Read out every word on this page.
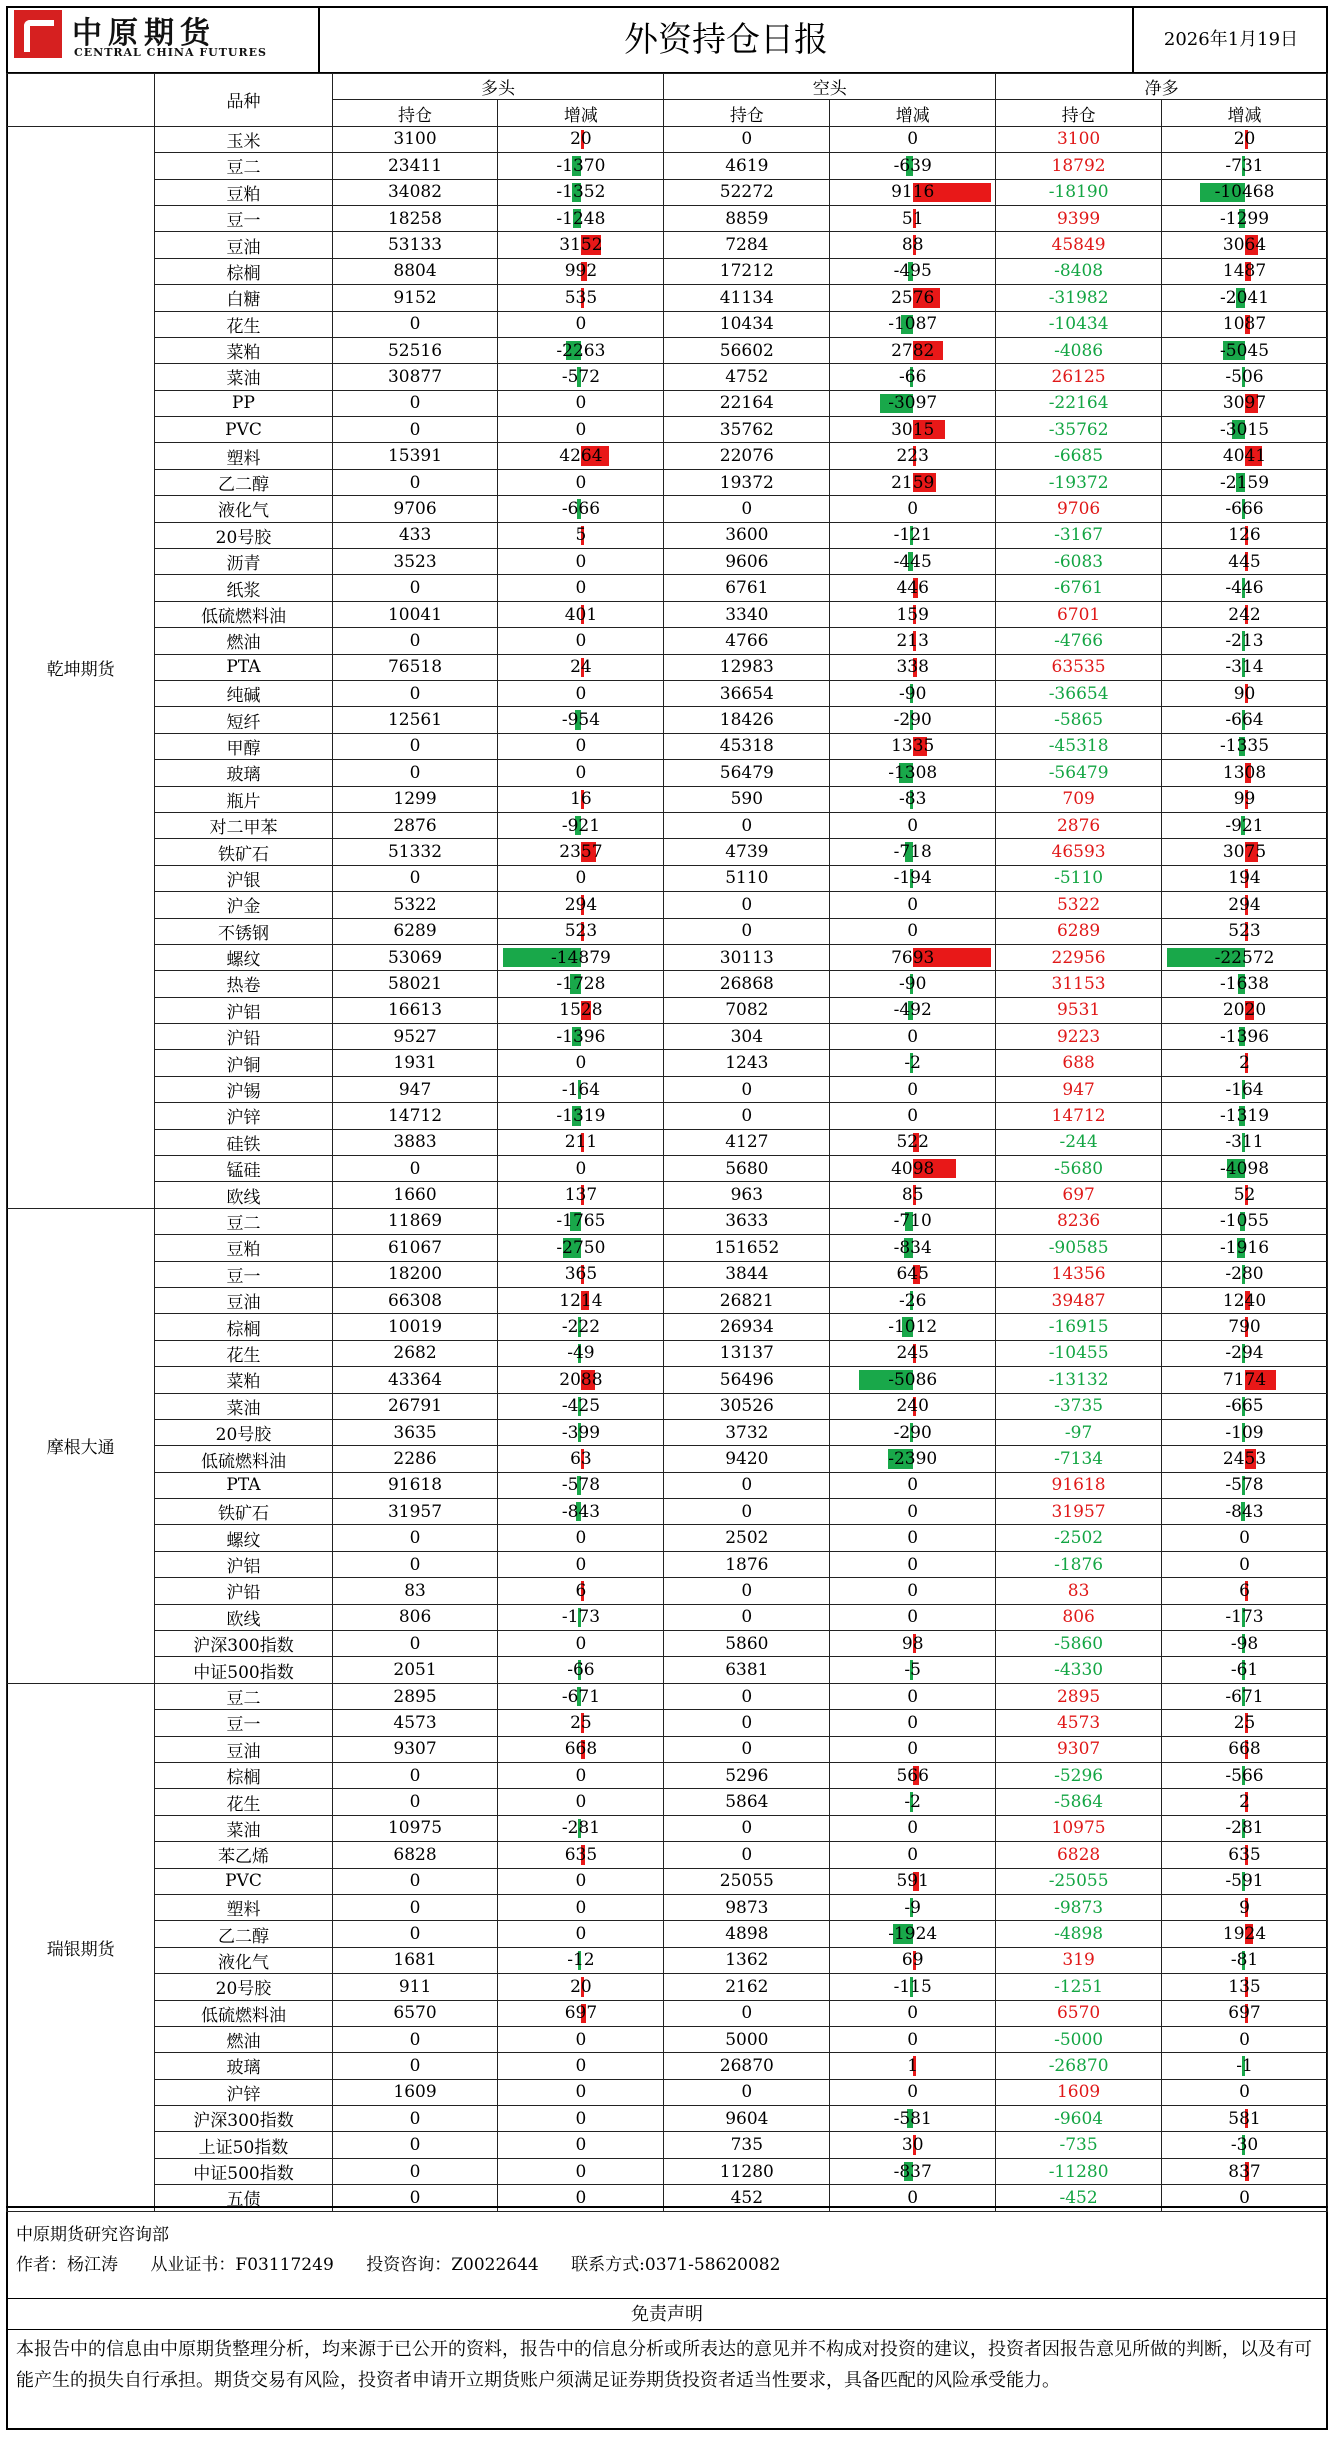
中原期货
CENTRAL CHINA FUTURES	外资持仓日报	2026年1月19日
	品种	多头		空头		净多	
		持仓	增减	持仓	增减	持仓	增减
乾坤期货	玉米	3100	20	0	0	3100	20
	豆二	23411	-1370	4619	-639	18792	-731
	豆粕	34082	-1352	52272	9116	-18190	-10468
	豆一	18258	-1248	8859	51	9399	-1299
	豆油	53133	3152	7284	88	45849	3064
	棕榈	8804	992	17212	-495	-8408	1487
	白糖	9152	535	41134	2576	-31982	-2041
	花生	0	0	10434	-1087	-10434	1087
	菜粕	52516	-2263	56602	2782	-4086	-5045
	菜油	30877	-572	4752	-66	26125	-506
	PP	0	0	22164	-3097	-22164	3097
	PVC	0	0	35762	3015	-35762	-3015
	塑料	15391	4264	22076	223	-6685	4041
	乙二醇	0	0	19372	2159	-19372	-2159
	液化气	9706	-666	0	0	9706	-666
	20号胶	433	5	3600	-121	-3167	126
	沥青	3523	0	9606	-445	-6083	445
	纸浆	0	0	6761	446	-6761	-446
	低硫燃料油	10041	401	3340	159	6701	242
	燃油	0	0	4766	213	-4766	-213
	PTA	76518	24	12983	338	63535	-314
	纯碱	0	0	36654	-90	-36654	90
	短纤	12561	-954	18426	-290	-5865	-664
	甲醇	0	0	45318	1335	-45318	-1335
	玻璃	0	0	56479	-1308	-56479	1308
	瓶片	1299	16	590	-83	709	99
	对二甲苯	2876	-921	0	0	2876	-921
	铁矿石	51332	2357	4739	-718	46593	3075
	沪银	0	0	5110	-194	-5110	194
	沪金	5322	294	0	0	5322	294
	不锈钢	6289	523	0	0	6289	523
	螺纹	53069	-14879	30113	7693	22956	-22572
	热卷	58021	-1728	26868	-90	31153	-1638
	沪铝	16613	1528	7082	-492	9531	2020
	沪铅	9527	-1396	304	0	9223	-1396
	沪铜	1931	0	1243	-2	688	2
	沪锡	947	-164	0	0	947	-164
	沪锌	14712	-1319	0	0	14712	-1319
	硅铁	3883	211	4127	522	-244	-311
	锰硅	0	0	5680	4098	-5680	-4098
	欧线	1660	137	963	85	697	52
摩根大通	豆二	11869	-1765	3633	-710	8236	-1055
	豆粕	61067	-2750	151652	-834	-90585	-1916
	豆一	18200	365	3844	645	14356	-280
	豆油	66308	1214	26821	-26	39487	1240
	棕榈	10019	-222	26934	-1012	-16915	790
	花生	2682	-49	13137	245	-10455	-294
	菜粕	43364	2088	56496	-5086	-13132	7174
	菜油	26791	-425	30526	240	-3735	-665
	20号胶	3635	-399	3732	-290	-97	-109
	低硫燃料油	2286	63	9420	-2390	-7134	2453
	PTA	91618	-578	0	0	91618	-578
	铁矿石	31957	-843	0	0	31957	-843
	螺纹	0	0	2502	0	-2502	0
	沪铝	0	0	1876	0	-1876	0
	沪铅	83	6	0	0	83	6
	欧线	806	-173	0	0	806	-173
	沪深300指数	0	0	5860	98	-5860	-98
	中证500指数	2051	-66	6381	-5	-4330	-61
瑞银期货	豆二	2895	-671	0	0	2895	-671
	豆一	4573	25	0	0	4573	25
	豆油	9307	668	0	0	9307	668
	棕榈	0	0	5296	566	-5296	-566
	花生	0	0	5864	-2	-5864	2
	菜油	10975	-281	0	0	10975	-281
	苯乙烯	6828	635	0	0	6828	635
	PVC	0	0	25055	591	-25055	-591
	塑料	0	0	9873	-9	-9873	9
	乙二醇	0	0	4898	-1924	-4898	1924
	液化气	1681	-12	1362	69	319	-81
	20号胶	911	20	2162	-115	-1251	135
	低硫燃料油	6570	697	0	0	6570	697
	燃油	0	0	5000	0	-5000	0
	玻璃	0	0	26870	1	-26870	-1
	沪锌	1609	0	0	0	1609	0
	沪深300指数	0	0	9604	-581	-9604	581
	上证50指数	0	0	735	30	-735	-30
	中证500指数	0	0	11280	-837	-11280	837
	五债	0	0	452	0	-452	0
中原期货研究咨询部
作者：杨江涛 从业证书：F03117249 投资咨询：Z0022644 联系方式:0371-58620082
免责声明
本报告中的信息由中原期货整理分析，均来源于已公开的资料，报告中的信息分析或所表达的意见并不构成对投资的建议，投资者因报告意见所做的判断，以及有可能产生的损失自行承担。期货交易有风险，投资者申请开立期货账户须满足证券期货投资者适当性要求，具备匹配的风险承受能力。
